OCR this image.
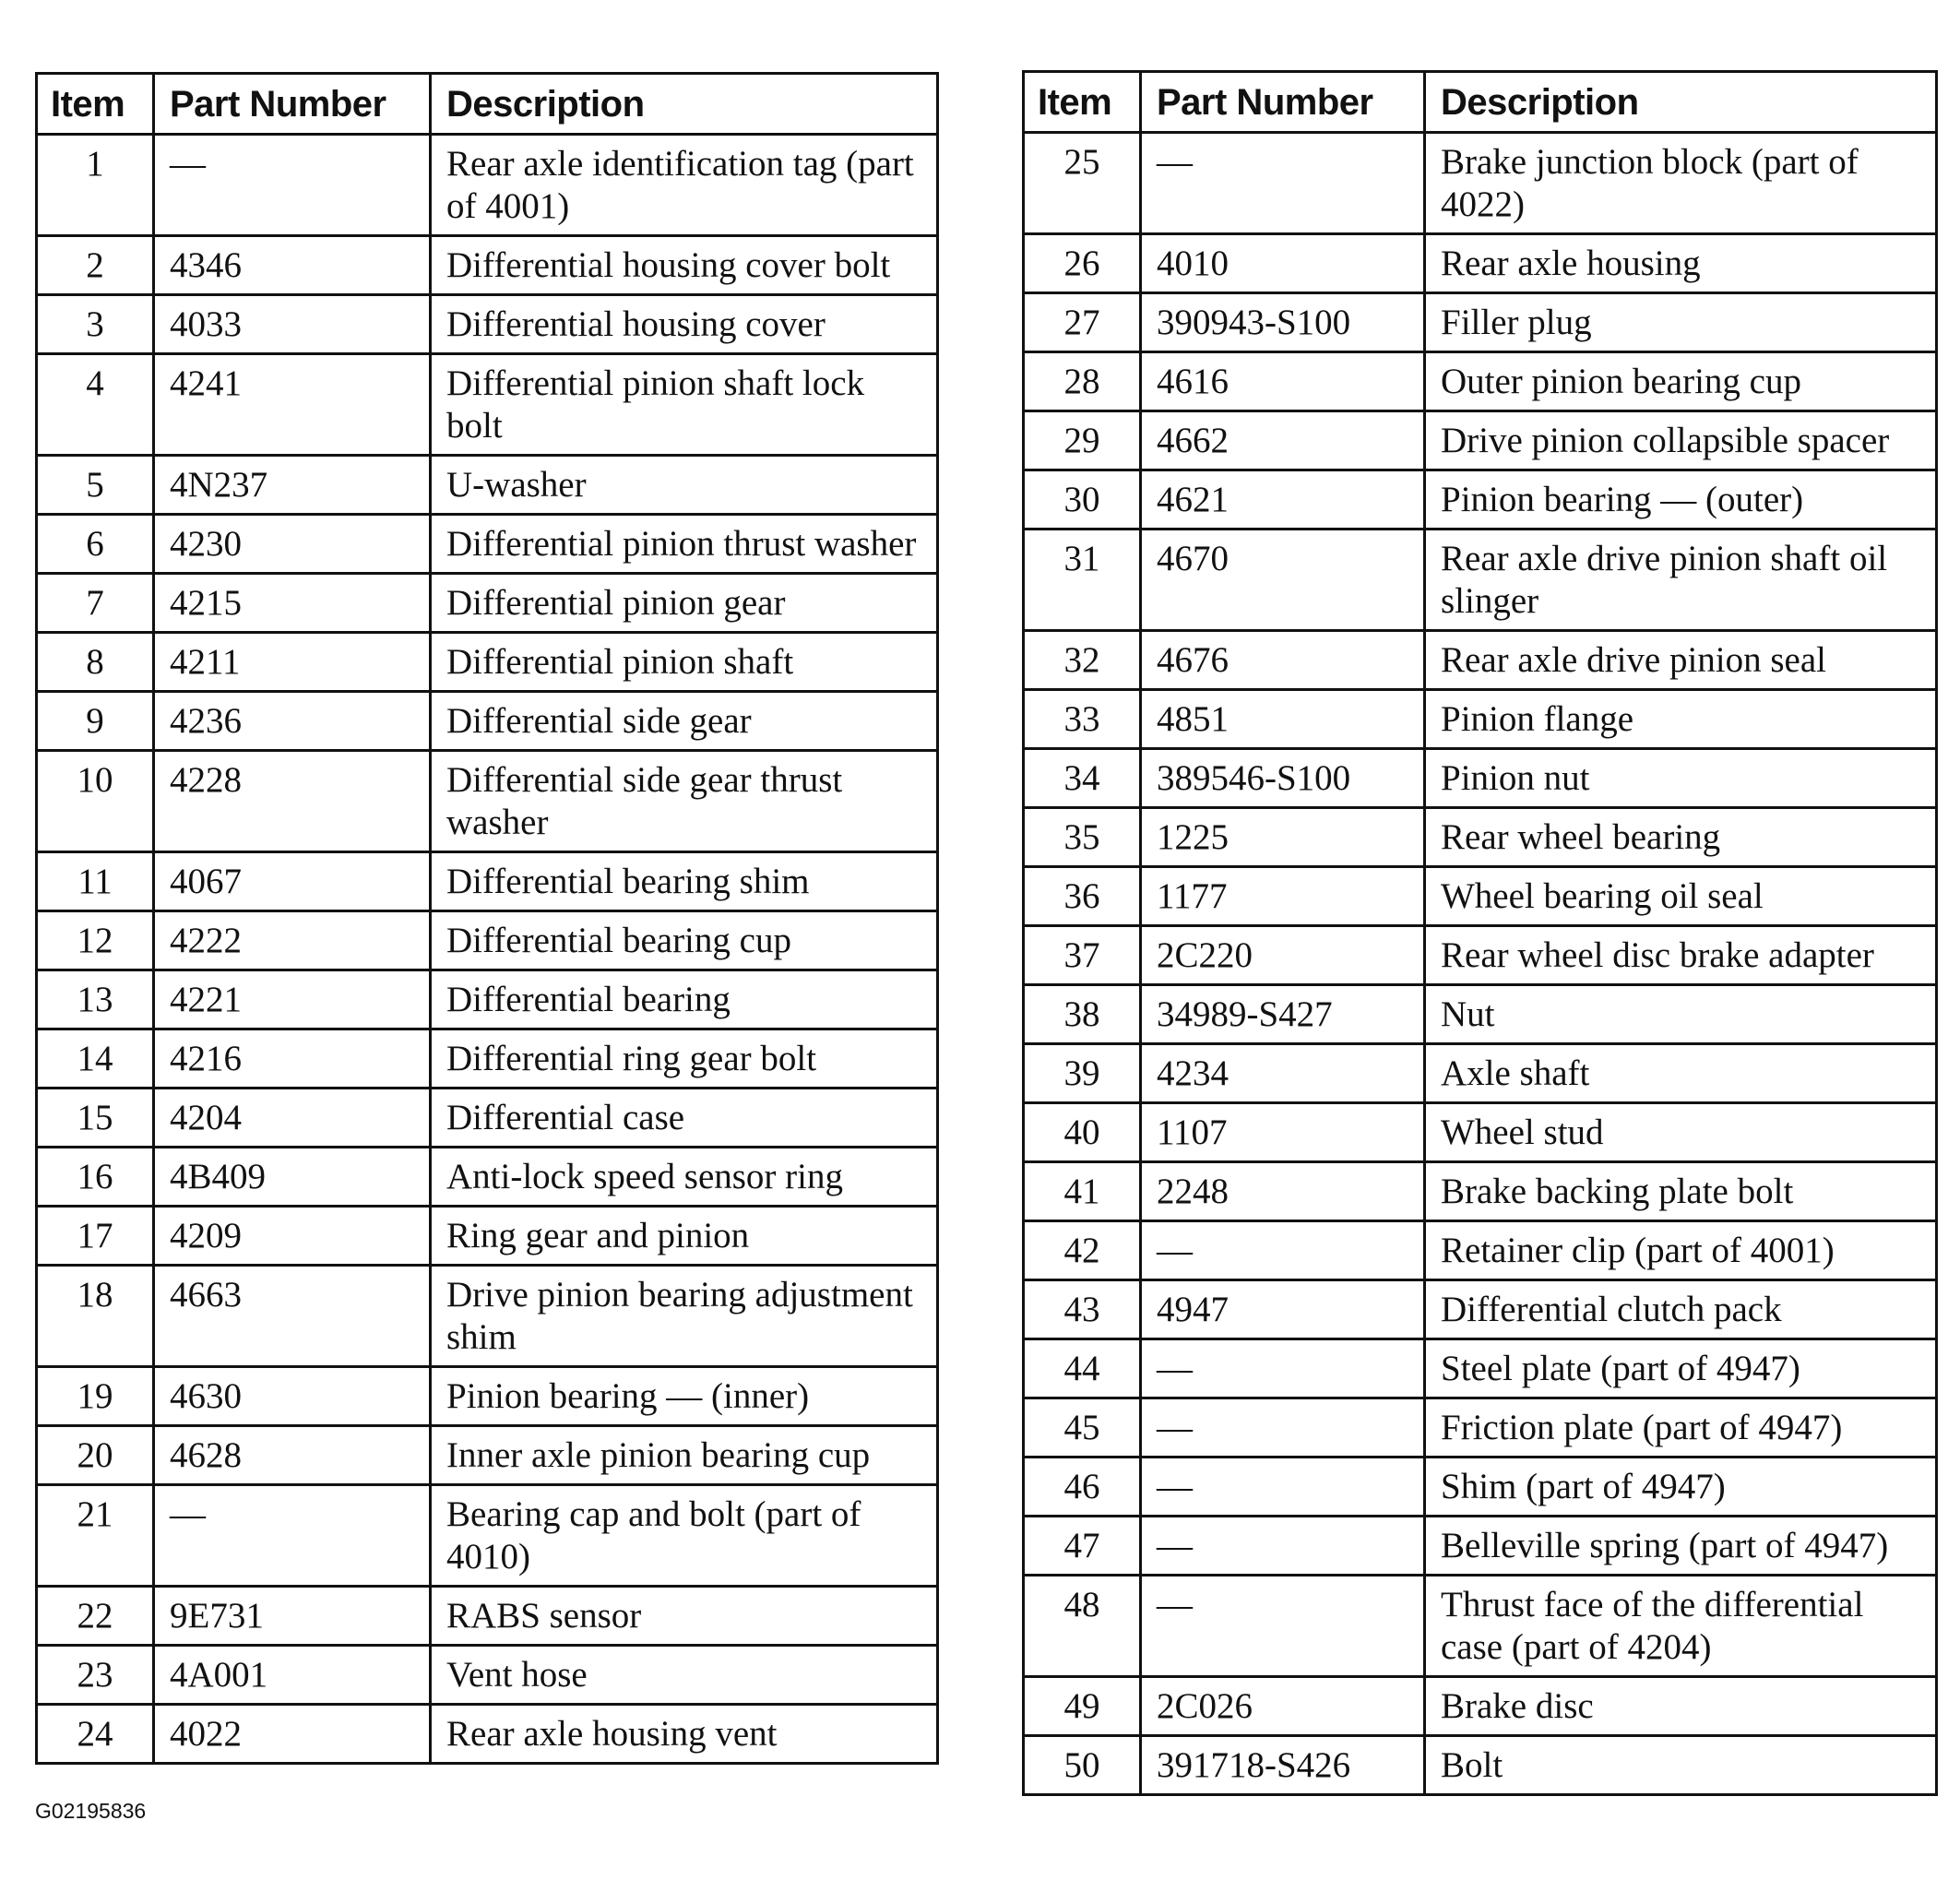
Item	Part Number	Description
1	—	Rear axle identification tag (part of 4001)
2	4346	Differential housing cover bolt
3	4033	Differential housing cover
4	4241	Differential pinion shaft lock bolt
5	4N237	U-washer
6	4230	Differential pinion thrust washer
7	4215	Differential pinion gear
8	4211	Differential pinion shaft
9	4236	Differential side gear
10	4228	Differential side gear thrust washer
11	4067	Differential bearing shim
12	4222	Differential bearing cup
13	4221	Differential bearing
14	4216	Differential ring gear bolt
15	4204	Differential case
16	4B409	Anti-lock speed sensor ring
17	4209	Ring gear and pinion
18	4663	Drive pinion bearing adjustment shim
19	4630	Pinion bearing — (inner)
20	4628	Inner axle pinion bearing cup
21	—	Bearing cap and bolt (part of 4010)
22	9E731	RABS sensor
23	4A001	Vent hose
24	4022	Rear axle housing vent
Item	Part Number	Description
25	—	Brake junction block (part of 4022)
26	4010	Rear axle housing
27	390943-S100	Filler plug
28	4616	Outer pinion bearing cup
29	4662	Drive pinion collapsible spacer
30	4621	Pinion bearing — (outer)
31	4670	Rear axle drive pinion shaft oil slinger
32	4676	Rear axle drive pinion seal
33	4851	Pinion flange
34	389546-S100	Pinion nut
35	1225	Rear wheel bearing
36	1177	Wheel bearing oil seal
37	2C220	Rear wheel disc brake adapter
38	34989-S427	Nut
39	4234	Axle shaft
40	1107	Wheel stud
41	2248	Brake backing plate bolt
42	—	Retainer clip (part of 4001)
43	4947	Differential clutch pack
44	—	Steel plate (part of 4947)
45	—	Friction plate (part of 4947)
46	—	Shim (part of 4947)
47	—	Belleville spring (part of 4947)
48	—	Thrust face of the differential case (part of 4204)
49	2C026	Brake disc
50	391718-S426	Bolt
G02195836
